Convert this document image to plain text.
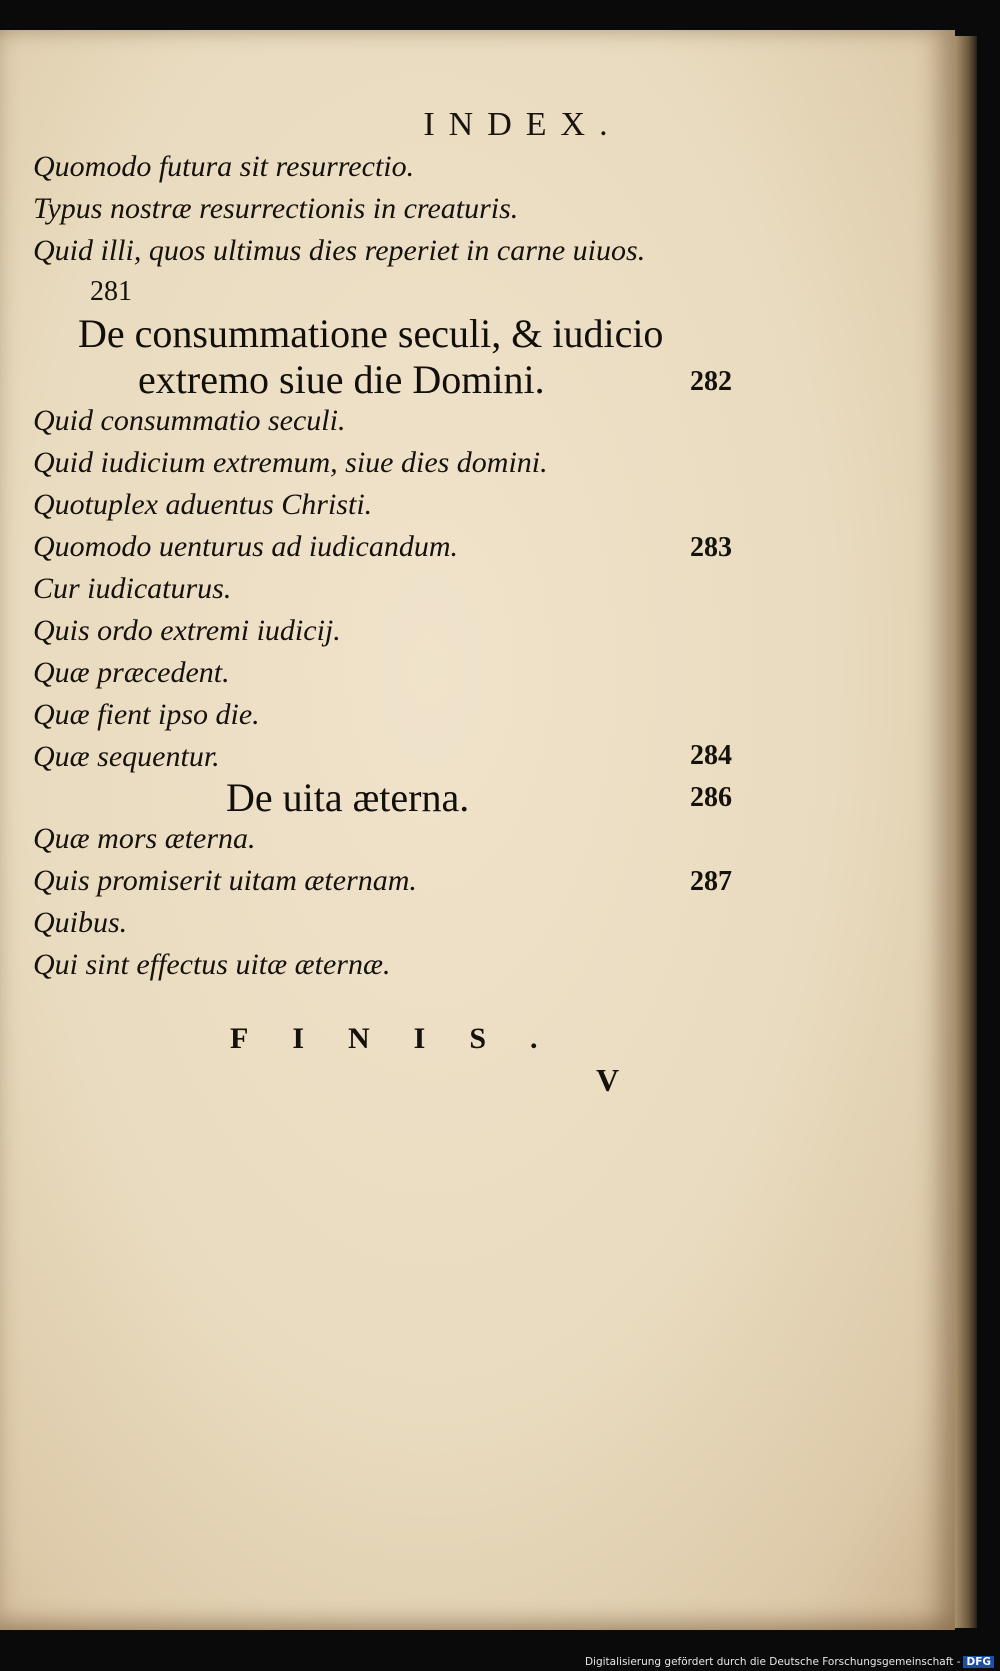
INDEX.
Quomodo futura sit resurrectio.
Typus nostræ resurrectionis in creaturis.
Quid illi, quos ultimus dies reperiet in carne uiuos.
281
De consummatione seculi, & iudicio
extremo siue die Domini.	282
Quid consummatio seculi.
Quid iudicium extremum, siue dies domini.
Quotuplex aduentus Christi.
Quomodo uenturus ad iudicandum.	283
Cur iudicaturus.
Quis ordo extremi iudicij.
Quæ præcedent.
Quæ fient ipso die.
Quæ sequentur.	284
De uita æterna.	286
Quæ mors æterna.
Quis promiserit uitam æternam.	287
Quibus.
Qui sint effectus uitæ æternæ.
FINIS.
V
Digitalisierung gefördert durch die Deutsche Forschungsgemeinschaft - DFG
